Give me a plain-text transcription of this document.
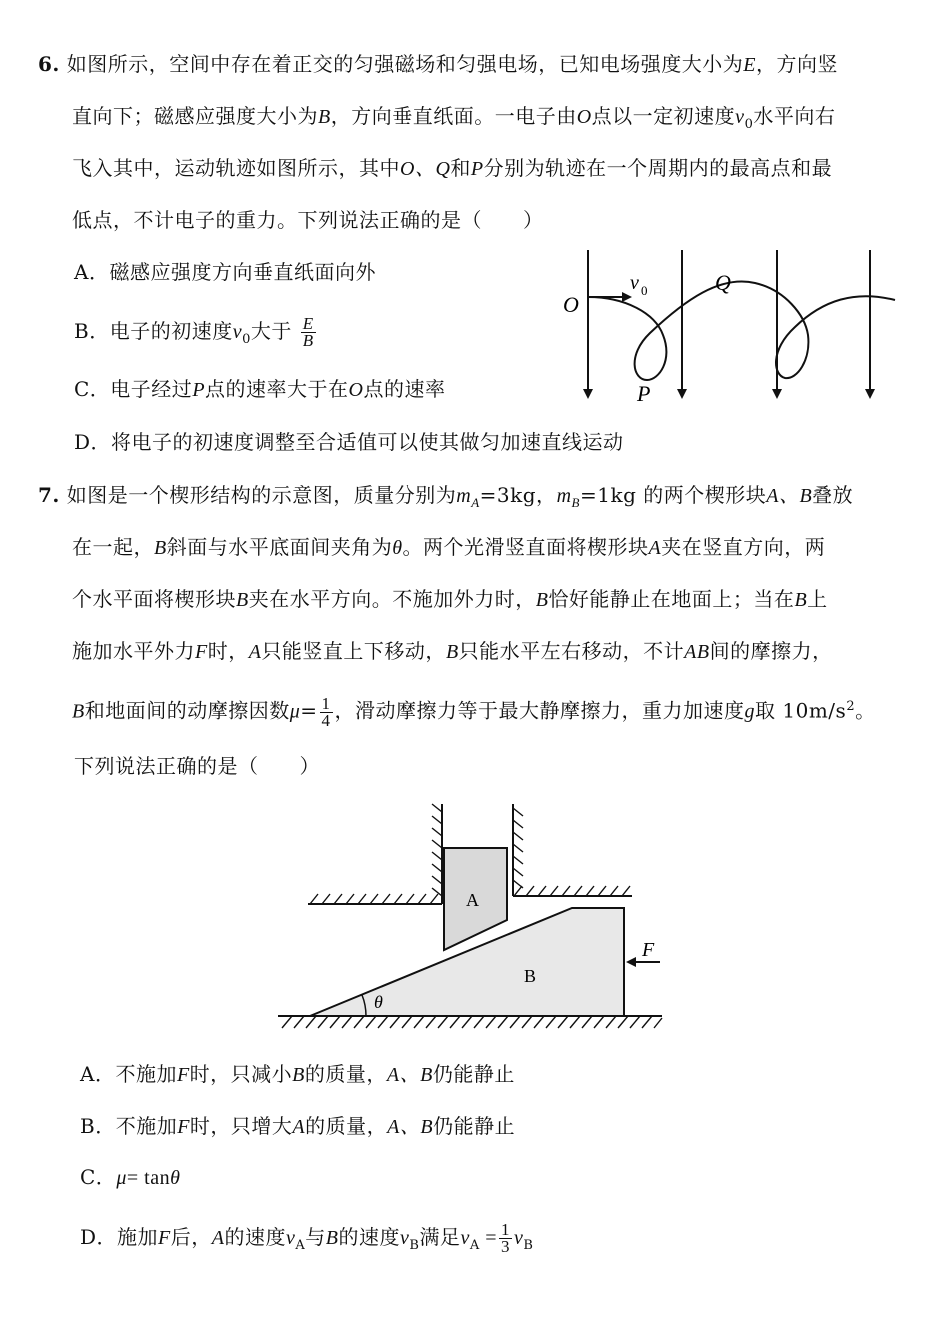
6. 如图所示，空间中存在着正交的匀强磁场和匀强电场，已知电场强度大小为E，方向竖
直向下；磁感应强度大小为B，方向垂直纸面。一电子由O点以一定初速度$v_0$水平向右
飞入其中，运动轨迹如图所示，其中O、Q和P分别为轨迹在一个周期内的最高点和最
低点，不计电子的重力。下列说法正确的是（　　）
A．磁感应强度方向垂直纸面向外
B．电子的初速度$v_0$大于 $\frac{E}{B}$
C．电子经过P点的速率大于在O点的速率
D．将电子的初速度调整至合适值可以使其做匀加速直线运动
O
v 0	Q
P
7. 如图是一个楔形结构的示意图，质量分别为$m_A=3kg$，$m_B=1kg$ 的两个楔形块A、B叠放
在一起，B斜面与水平底面间夹角为θ。两个光滑竖直面将楔形块A夹在竖直方向，两
个水平面将楔形块B夹在水平方向。不施加外力时，B恰好能静止在地面上；当在B上
施加水平外力F时，A只能竖直上下移动，B只能水平左右移动，不计AB间的摩擦力，
B和地面间的动摩擦因数$\mu= \frac{1}{4}$ ，滑动摩擦力等于最大静摩擦力，重力加速度g取 $10m/s^2$。
下列说法正确的是（　　）
A
B
F
θ
A．不施加F时，只减小B的质量，A、B仍能静止
B．不施加F时，只增大A的质量，A、B仍能静止
C．μ= tanθ
D．施加F后，A的速度$v_A$与B的速度$v_B$满足$v_A = \frac{1}{3} v_B$
